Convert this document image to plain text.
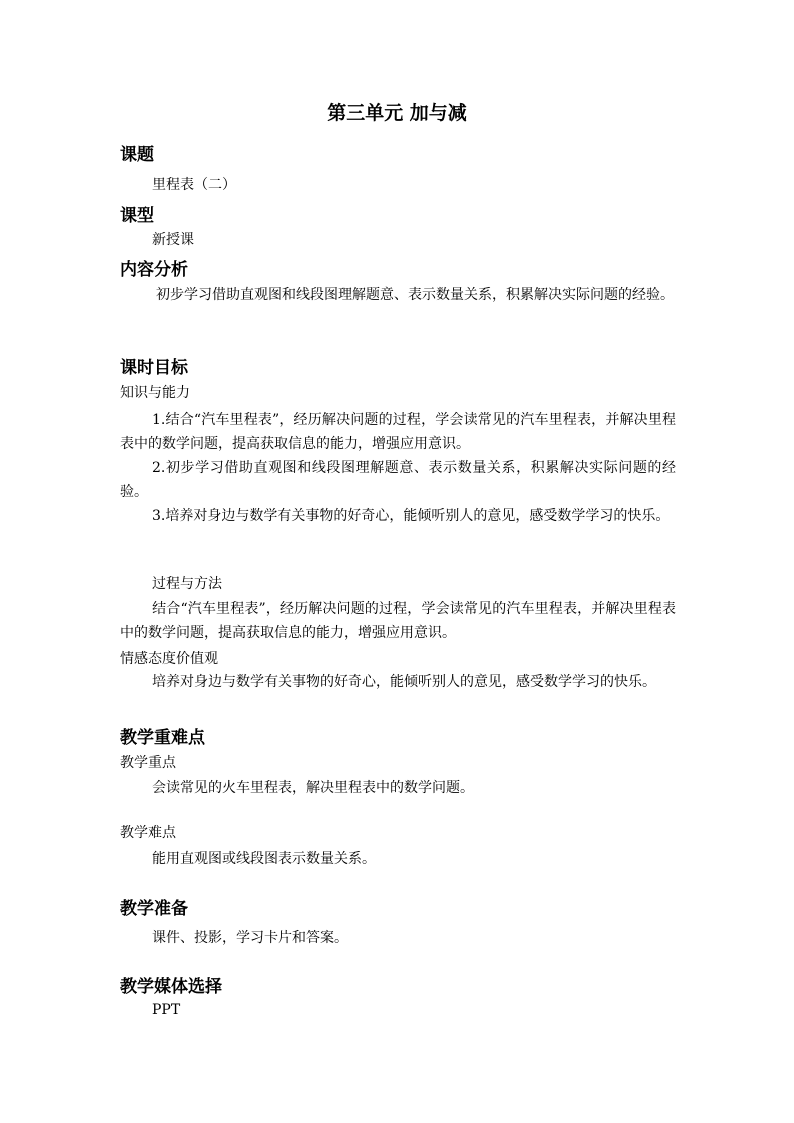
第三单元 加与减
课题
里程表（二）
课型
新授课
内容分析
初步学习借助直观图和线段图理解题意、表示数量关系，积累解决实际问题的经验。
课时目标
知识与能力
1.结合“汽车里程表”，经历解决问题的过程，学会读常见的汽车里程表，并解决里程表中的数学问题，提高获取信息的能力，增强应用意识。
2.初步学习借助直观图和线段图理解题意、表示数量关系，积累解决实际问题的经验。
3.培养对身边与数学有关事物的好奇心，能倾听别人的意见，感受数学学习的快乐。
过程与方法
结合“汽车里程表”，经历解决问题的过程，学会读常见的汽车里程表，并解决里程表中的数学问题，提高获取信息的能力，增强应用意识。
情感态度价值观
培养对身边与数学有关事物的好奇心，能倾听别人的意见，感受数学学习的快乐。
教学重难点
教学重点
会读常见的火车里程表，解决里程表中的数学问题。
教学难点
能用直观图或线段图表示数量关系。
教学准备
课件、投影，学习卡片和答案。
教学媒体选择
PPT
